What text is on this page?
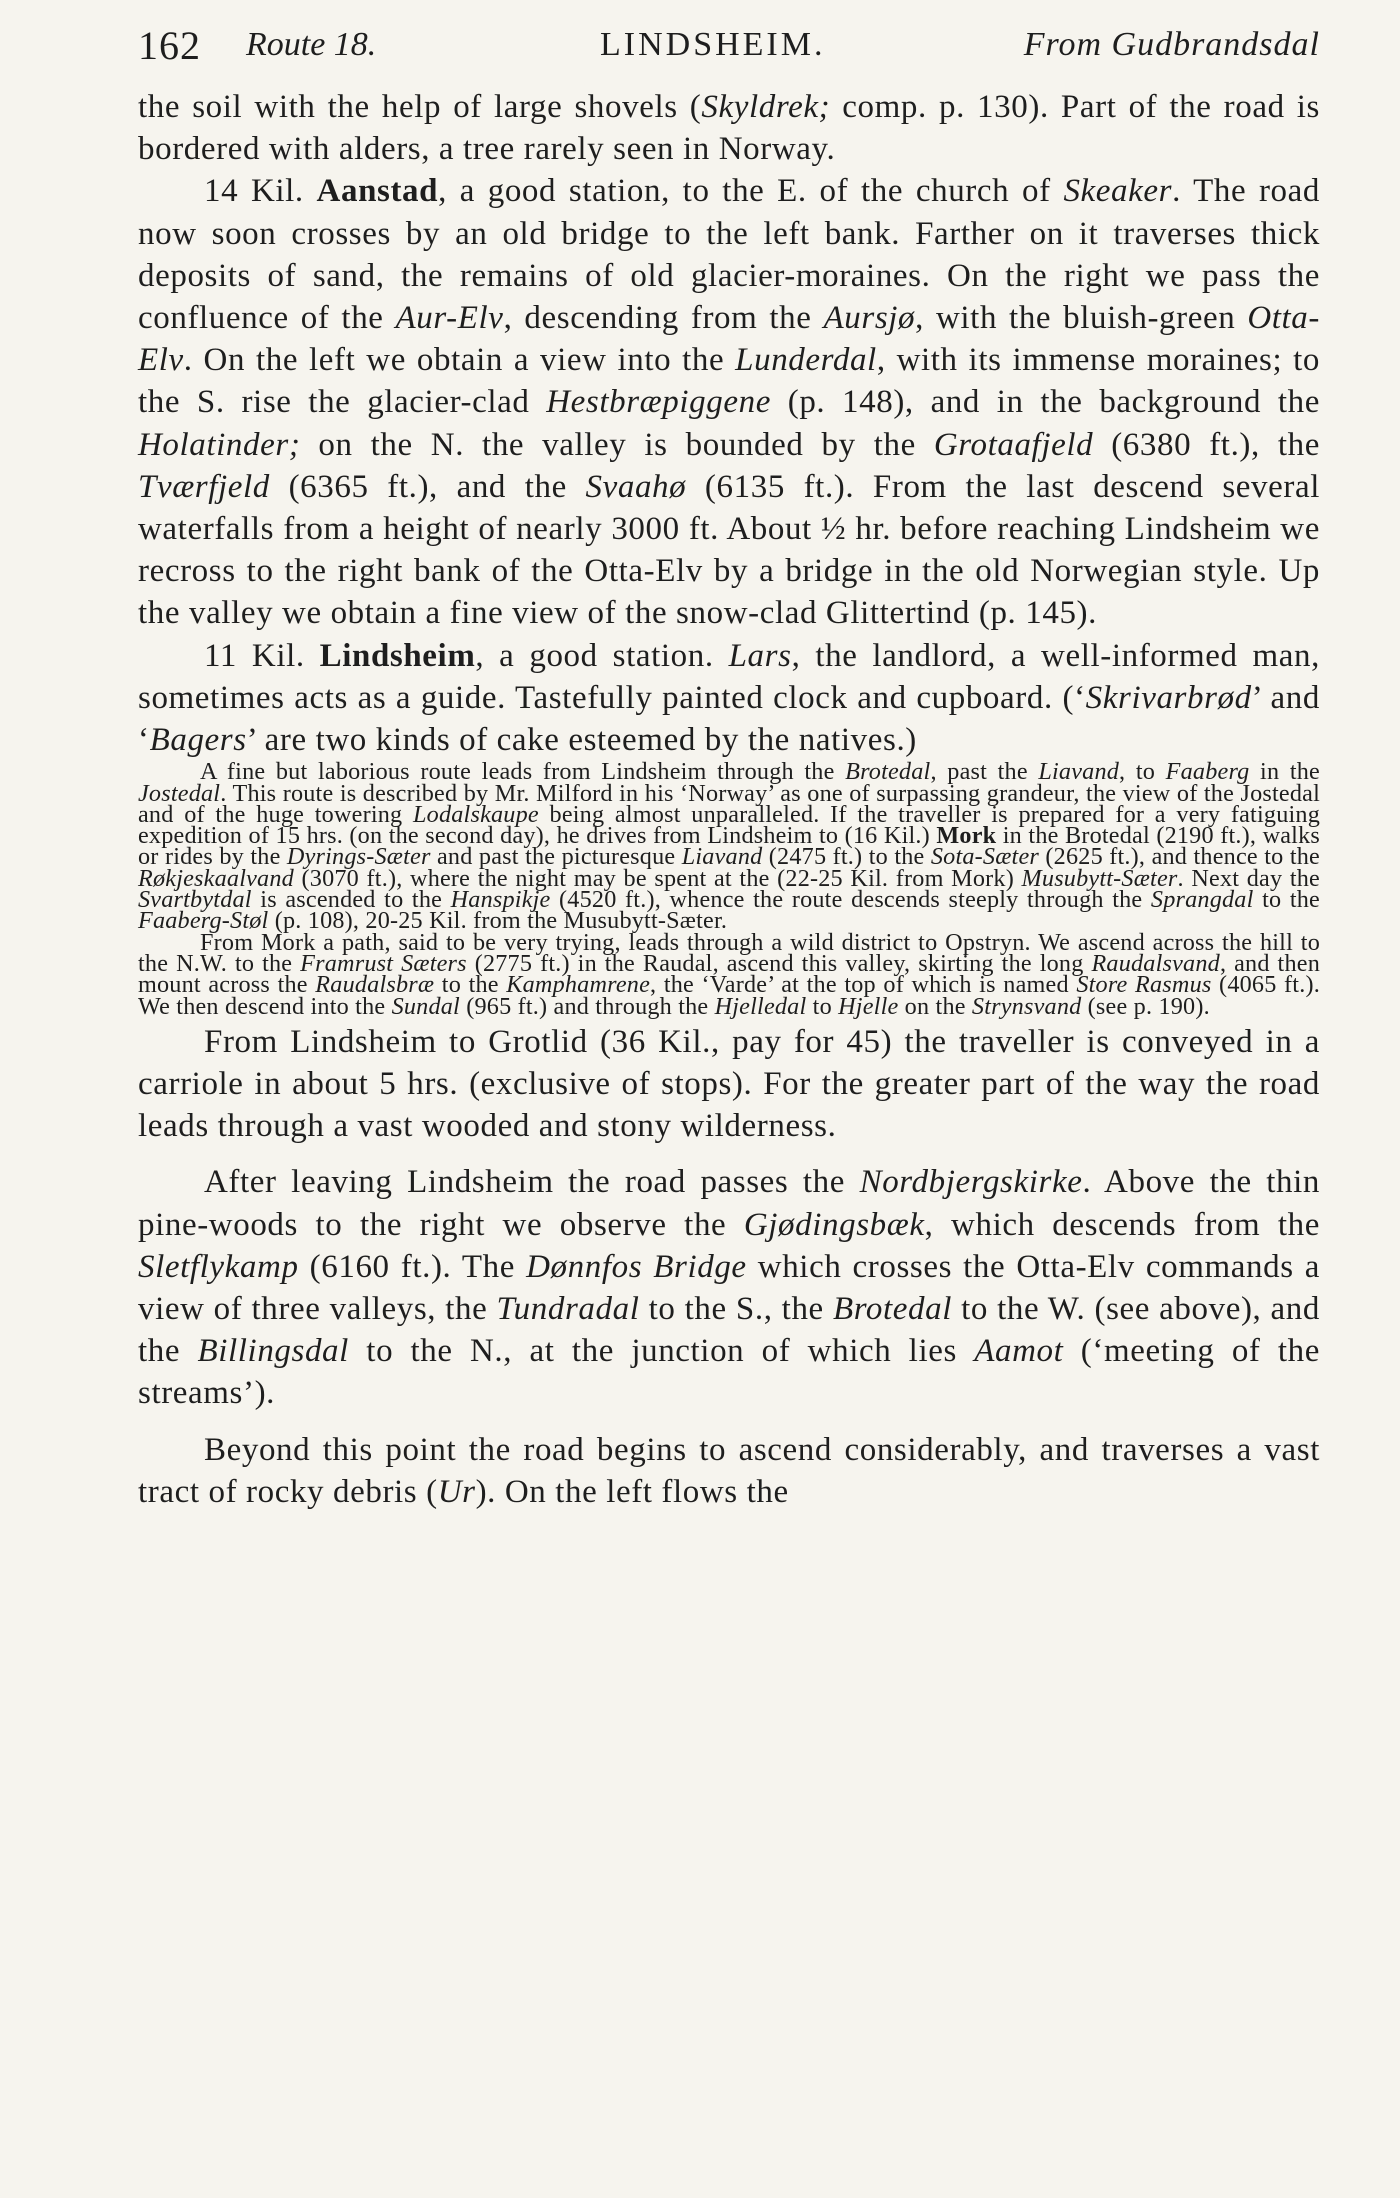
162 Route 18.	LINDSHEIM.	From Gudbrandsdal

the soil with the help of large shovels (Skyldrek; comp. p. 130). Part of the road is bordered with alders, a tree rarely seen in Norway.

14 Kil. Aanstad, a good station, to the E. of the church of Skeaker. The road now soon crosses by an old bridge to the left bank. Farther on it traverses thick deposits of sand, the remains of old glacier-moraines. On the right we pass the confluence of the Aur-Elv, descending from the Aursjø, with the bluish-green Otta-Elv. On the left we obtain a view into the Lunderdal, with its immense moraines; to the S. rise the glacier-clad Hestbræpiggene (p. 148), and in the background the Holatinder; on the N. the valley is bounded by the Grotaafjeld (6380 ft.), the Tværfjeld (6365 ft.), and the Svaahø (6135 ft.). From the last descend several waterfalls from a height of nearly 3000 ft. About ½ hr. before reaching Lindsheim we recross to the right bank of the Otta-Elv by a bridge in the old Norwegian style. Up the valley we obtain a fine view of the snow-clad Glittertind (p. 145).

11 Kil. Lindsheim, a good station. Lars, the landlord, a well-informed man, sometimes acts as a guide. Tastefully painted clock and cupboard. (‘Skrivarbrød’ and ‘Bagers’ are two kinds of cake esteemed by the natives.)

A fine but laborious route leads from Lindsheim through the Brotedal, past the Liavand, to Faaberg in the Jostedal. This route is described by Mr. Milford in his ‘Norway’ as one of surpassing grandeur, the view of the Jostedal and of the huge towering Lodalskaupe being almost unparalleled. If the traveller is prepared for a very fatiguing expedition of 15 hrs. (on the second day), he drives from Lindsheim to (16 Kil.) Mork in the Brotedal (2190 ft.), walks or rides by the Dyrings-Sæter and past the picturesque Liavand (2475 ft.) to the Sota-Sæter (2625 ft.), and thence to the Røkjeskaalvand (3070 ft.), where the night may be spent at the (22-25 Kil. from Mork) Musubytt-Sæter. Next day the Svartbytdal is ascended to the Hanspikje (4520 ft.), whence the route descends steeply through the Sprangdal to the Faaberg-Støl (p. 108), 20-25 Kil. from the Musubytt-Sæter.

From Mork a path, said to be very trying, leads through a wild district to Opstryn. We ascend across the hill to the N.W. to the Framrust Sæters (2775 ft.) in the Raudal, ascend this valley, skirting the long Raudalsvand, and then mount across the Raudalsbræ to the Kamphamrene, the ‘Varde’ at the top of which is named Store Rasmus (4065 ft.). We then descend into the Sundal (965 ft.) and through the Hjelledal to Hjelle on the Strynsvand (see p. 190).

From Lindsheim to Grotlid (36 Kil., pay for 45) the traveller is conveyed in a carriole in about 5 hrs. (exclusive of stops). For the greater part of the way the road leads through a vast wooded and stony wilderness.

After leaving Lindsheim the road passes the Nordbjergskirke. Above the thin pine-woods to the right we observe the Gjødingsbæk, which descends from the Sletflykamp (6160 ft.). The Dønnfos Bridge which crosses the Otta-Elv commands a view of three valleys, the Tundradal to the S., the Brotedal to the W. (see above), and the Billingsdal to the N., at the junction of which lies Aamot (‘meeting of the streams’).

Beyond this point the road begins to ascend considerably, and traverses a vast tract of rocky debris (Ur). On the left flows the
